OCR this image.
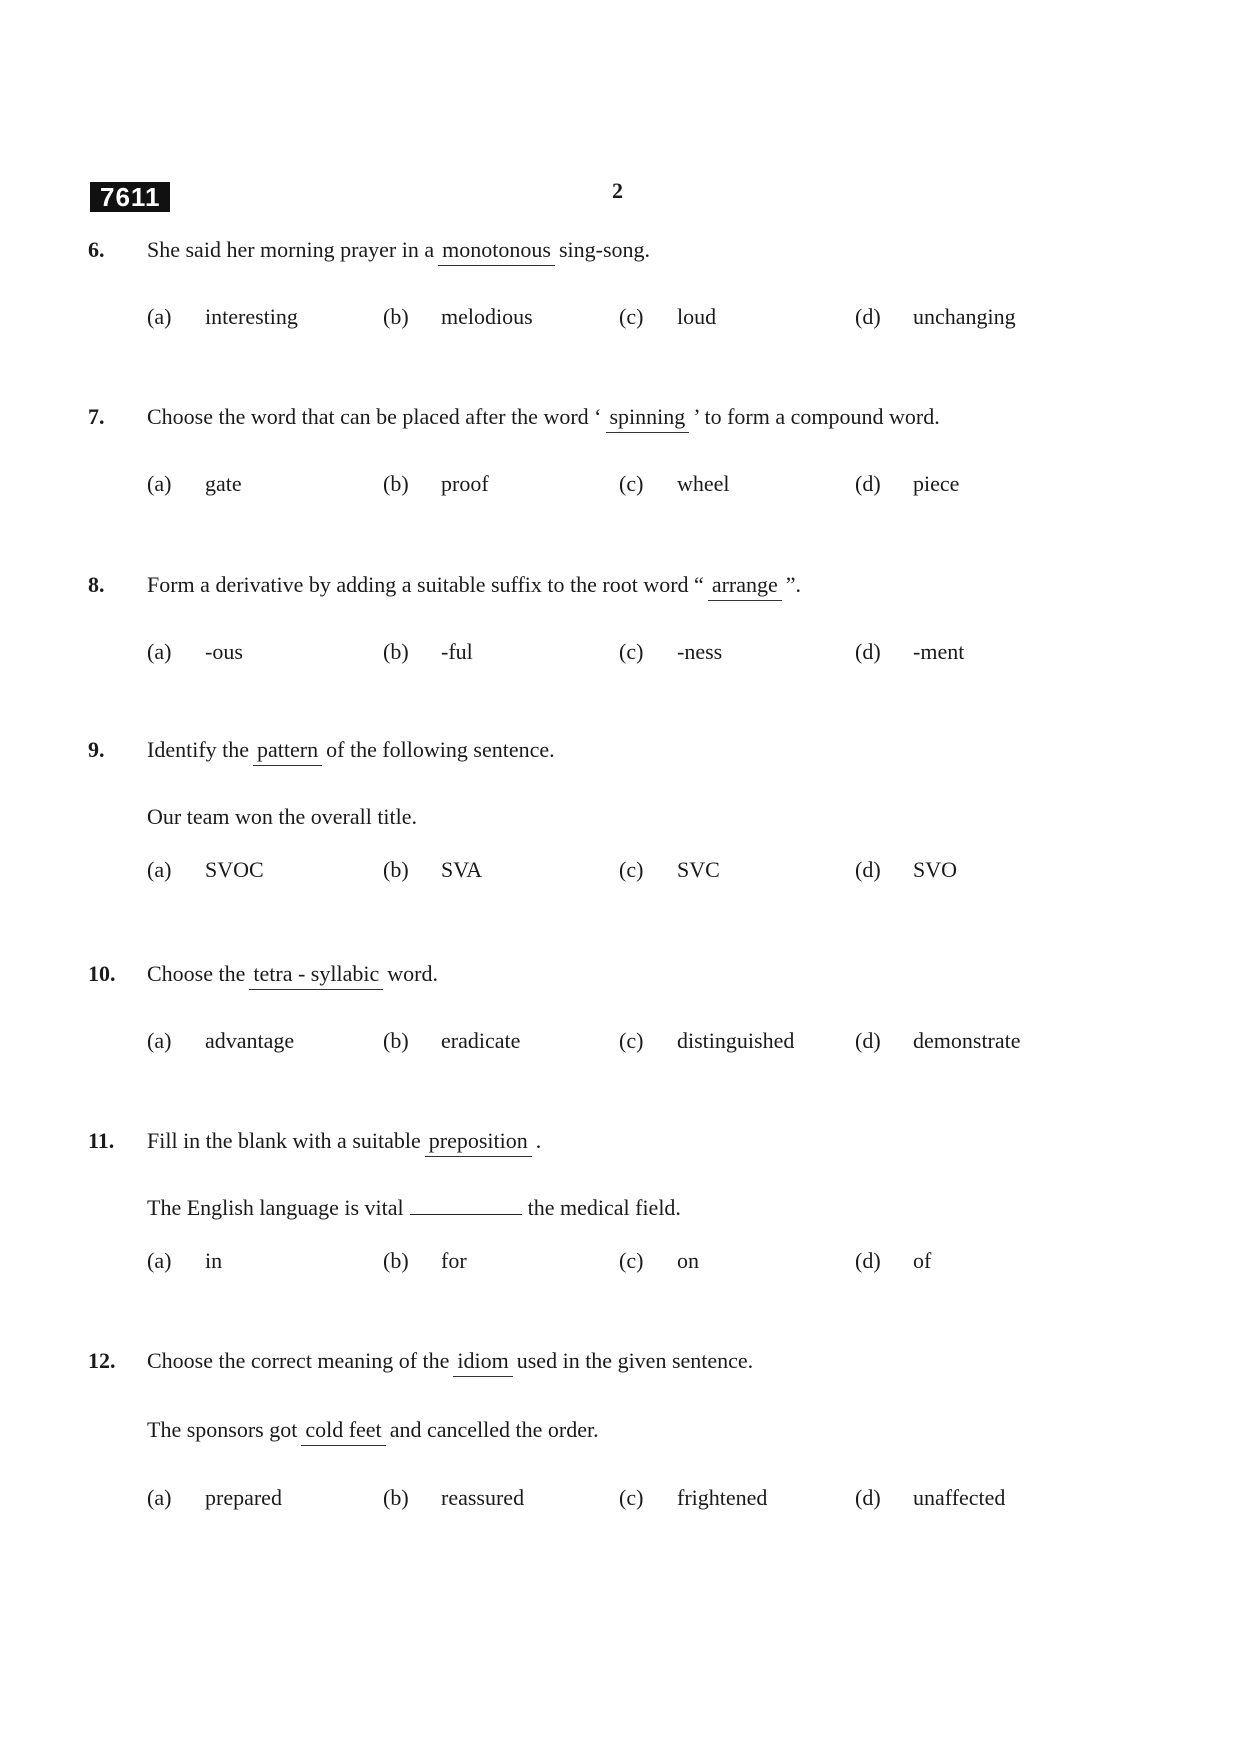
7611	2
6. She said her morning prayer in a monotonous sing-song.
(a) interesting	(b) melodious	(c) loud	(d) unchanging
7. Choose the word that can be placed after the word ‘ spinning ’ to form a compound word.
(a) gate	(b) proof	(c) wheel	(d) piece
8. Form a derivative by adding a suitable suffix to the root word “ arrange ”.
(a) -ous	(b) -ful	(c) -ness	(d) -ment
9. Identify the pattern of the following sentence.
Our team won the overall title.
(a) SVOC	(b) SVA	(c) SVC	(d) SVO
10. Choose the tetra - syllabic word.
(a) advantage	(b) eradicate	(c) distinguished	(d) demonstrate
11. Fill in the blank with a suitable preposition .
The English language is vital	the medical field.
(a) in	(b) for	(c) on	(d) of
12. Choose the correct meaning of the idiom used in the given sentence.
The sponsors got cold feet and cancelled the order.
(a) prepared	(b) reassured	(c) frightened	(d) unaffected
